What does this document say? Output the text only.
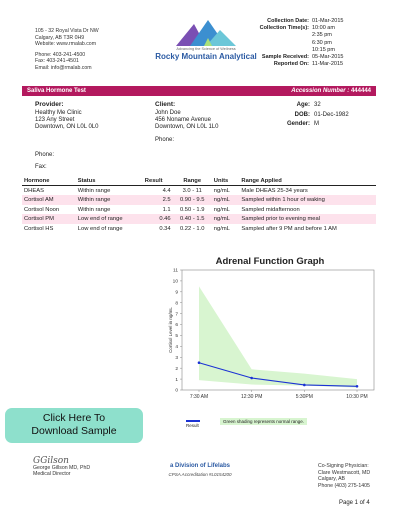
105 - 32 Royal Vista Dr NW
Calgary, AB T3R 0H9
Website: www.rmalab.com
Phone: 403-241-4500
Fax: 403-241-4501
Email: info@rmalab.com
Advancing the Science of Wellness
Rocky Mountain Analytical
Collection Date: 01-Mar-2015
Collection Time(s): 10:00 am
2:35 pm
6:30 pm
10:15 pm
Sample Received: 05-Mar-2015
Reported On: 11-Mar-2015
Saliva Hormone Test	Accession Number : 444444
Provider:
Healthy Me Clinic
123 Any Street
Downtown, ON L0L 0L0
Phone:
Fax:
Client:
John Doe
456 Noname Avenue
Downtown, ON L0L 1L0
Phone:
Age: 32
DOB: 01-Dec-1982
Gender: M
Hormone	Status	Result	Range	Units	Range Applied
DHEAS	Within range	4.4	3.0 - 11	ng/mL	Male DHEAS 25-34 years
Cortisol AM	Within range	2.5	0.90 - 9.5	ng/mL	Sampled within 1 hour of waking
Cortisol Noon	Within range	1.1	0.50 - 1.9	ng/mL	Sampled midafternoon
Cortisol PM	Low end of range	0.46	0.40 - 1.5	ng/mL	Sampled prior to evening meal
Cortisol HS	Low end of range	0.34	0.22 - 1.0	ng/mL	Sampled after 9 PM and before 1 AM
Adrenal Function Graph
0
1
2
3
4
5
6
7
8
9
10
11
7:30 AM	12:30 PM	5:30PM	10:30 PM
Cortisol Level in ng/mL

Result
Green shading represents normal range.
Click Here To
Download Sample
GGilson
George Gillson MD, PhD
Medical Director
a Division of Lifelabs
CPSA Accreditation #L0154200
Co-Signing Physician:
Clare Westmacott, MD
Calgary, AB
Phone (403) 275-1405
Page 1 of 4
